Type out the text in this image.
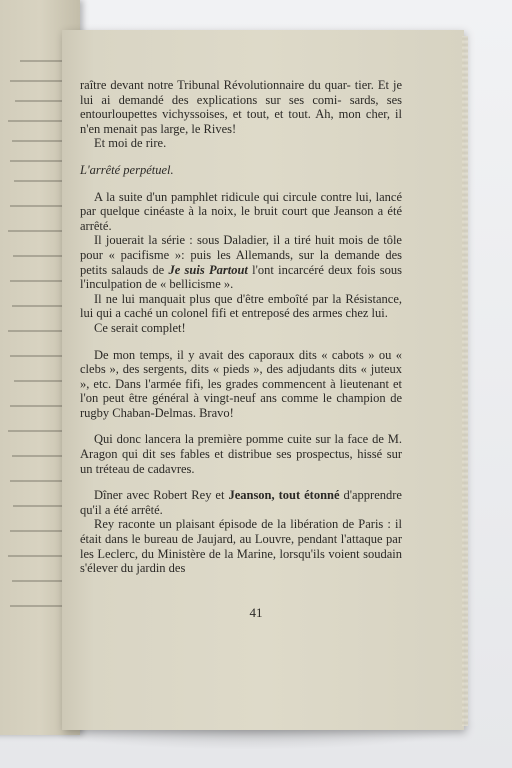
raître devant notre Tribunal Révolutionnaire du quar- tier. Et je lui ai demandé des explications sur ses comi- sards, ses entourloupettes vichyssoises, et tout, et tout. Ah, mon cher, il n'en menait pas large, le Rives!

Et moi de rire.

L'arrêté perpétuel.

A la suite d'un pamphlet ridicule qui circule contre lui, lancé par quelque cinéaste à la noix, le bruit court que Jeanson a été arrêté.

Il jouerait la série : sous Daladier, il a tiré huit mois de tôle pour « pacifisme »: puis les Allemands, sur la demande des petits salauds de Je suis Partout l'ont incarcéré deux fois sous l'inculpation de « bellicisme ».

Il ne lui manquait plus que d'être emboîté par la Résistance, lui qui a caché un colonel fifi et entreposé des armes chez lui.

Ce serait complet!

De mon temps, il y avait des caporaux dits « cabots » ou « clebs », des sergents, dits « pieds », des adjudants dits « juteux », etc. Dans l'armée fifi, les grades commencent à lieutenant et l'on peut être général à vingt-neuf ans comme le champion de rugby Chaban-Delmas. Bravo!

Qui donc lancera la première pomme cuite sur la face de M. Aragon qui dit ses fables et distribue ses prospectus, hissé sur un tréteau de cadavres.

Dîner avec Robert Rey et Jeanson, tout étonné d'apprendre qu'il a été arrêté.

Rey raconte un plaisant épisode de la libération de Paris : il était dans le bureau de Jaujard, au Louvre, pendant l'attaque par les Leclerc, du Ministère de la Marine, lorsqu'ils voient soudain s'élever du jardin des

41
